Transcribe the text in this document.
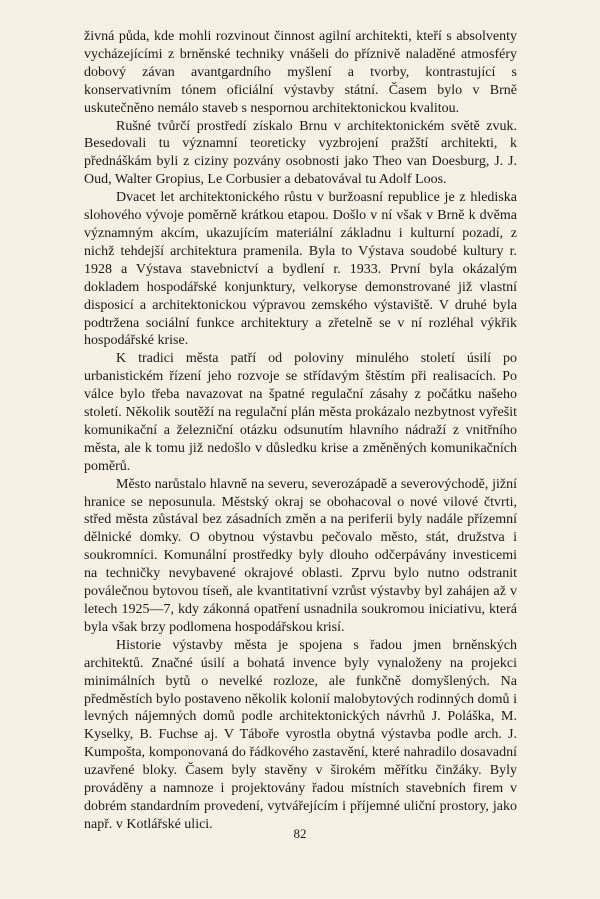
živná půda, kde mohli rozvinout činnost agilní architekti, kteří s absolventy vycházejícími z brněnské techniky vnášeli do příznivě naladěné atmosféry dobový závan avantgardního myšlení a tvorby, kontrastující s konservativním tónem oficiální výstavby státní. Časem bylo v Brně uskutečněno nemálo staveb s nespornou architektonickou kvalitou.

Rušné tvůrčí prostředí získalo Brnu v architektonickém světě zvuk. Besedovali tu významní teoreticky vyzbrojení pražští architekti, k přednáškám byli z ciziny pozvány osobnosti jako Theo van Doesburg, J. J. Oud, Walter Gropius, Le Corbusier a debatovával tu Adolf Loos.

Dvacet let architektonického růstu v buržoasní republice je z hlediska slohového vývoje poměrně krátkou etapou. Došlo v ní však v Brně k dvěma významným akcím, ukazujícím materiální základnu i kulturní pozadí, z nichž tehdejší architektura pramenila. Byla to Výstava soudobé kultury r. 1928 a Výstava stavebnictví a bydlení r. 1933. První byla okázalým dokladem hospodářské konjunktury, velkoryse demonstrované již vlastní disposicí a architektonickou výpravou zemského výstaviště. V druhé byla podtržena sociální funkce architektury a zřetelně se v ní rozléhal výkřik hospodářské krise.

K tradici města patří od poloviny minulého století úsilí po urbanistickém řízení jeho rozvoje se střídavým štěstím při realisacích. Po válce bylo třeba navazovat na špatné regulační zásahy z počátku našeho století. Několik soutěží na regulační plán města prokázalo nezbytnost vyřešit komunikační a železniční otázku odsunutím hlavního nádraží z vnitřního města, ale k tomu již nedošlo v důsledku krise a změněných komunikačních poměrů.

Město narůstalo hlavně na severu, severozápadě a severovýchodě, jižní hranice se neposunula. Městský okraj se obohacoval o nové vilové čtvrti, střed města zůstával bez zásadních změn a na periferii byly nadále přízemní dělnické domky. O obytnou výstavbu pečovalo město, stát, družstva i soukromníci. Komunální prostředky byly dlouho odčerpávány investicemi na techničky nevybavené okrajové oblasti. Zprvu bylo nutno odstranit poválečnou bytovou tíseň, ale kvantitativní vzrůst výstavby byl zahájen až v letech 1925—7, kdy zákonná opatření usnadnila soukromou iniciativu, která byla však brzy podlomena hospodářskou krisí.

Historie výstavby města je spojena s řadou jmen brněnských architektů. Značné úsilí a bohatá invence byly vynaloženy na projekci minimálních bytů o nevelké rozloze, ale funkčně domyšlených. Na předměstích bylo postaveno několik kolonií malobytových rodinných domů i levných nájemných domů podle architektonických návrhů J. Poláška, M. Kyselky, B. Fuchse aj. V Táboře vyrostla obytná výstavba podle arch. J. Kumpošta, komponovaná do řádkového zastavění, které nahradilo dosavadní uzavřené bloky. Časem byly stavěny v širokém měřítku činžáky. Byly prováděny a namnoze i projektovány řadou místních stavebních firem v dobrém standardním provedení, vytvářejícím i příjemné uliční prostory, jako např. v Kotlářské ulici.

82
